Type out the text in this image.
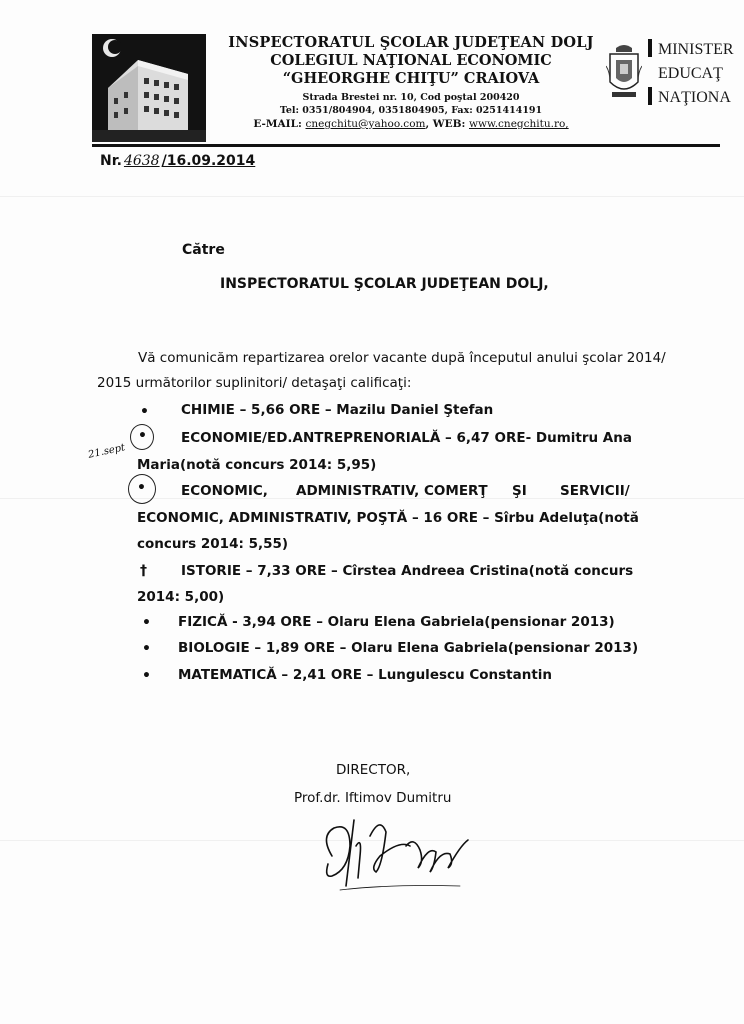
INSPECTORATUL ŞCOLAR JUDEŢEAN DOLJ
COLEGIUL NAŢIONAL ECONOMIC
“GHEORGHE CHIŢU” CRAIOVA
Strada Brestei nr. 10, Cod poştal 200420
Tel: 0351/804904, 0351804905, Fax: 0251414191
E-MAIL: cnegchitu@yahoo.com, WEB: www.cnegchitu.ro,
MINISTER
EDUCAŢ
NAŢIONA
Nr. 4638 /16.09.2014
Către
INSPECTORATUL ŞCOLAR JUDEŢEAN DOLJ,
Vă comunicăm repartizarea orelor vacante după începutul anului şcolar 2014/
2015 următorilor suplinitori/ detaşaţi calificaţi:
• CHIMIE – 5,66 ORE – Mazilu Daniel Ştefan
•	ECONOMIE/ED.ANTREPRENORIALĂ – 6,47 ORE- Dumitru Ana
21.sept
Maria(notă concurs 2014: 5,95)
•	ECONOMIC, ADMINISTRATIV, COMERŢ ŞI SERVICII/
ECONOMIC, ADMINISTRATIV, POŞTĂ – 16 ORE – Sîrbu Adeluţa(notă
concurs 2014: 5,55)
†	ISTORIE – 7,33 ORE – Cîrstea Andreea Cristina(notă concurs
2014: 5,00)
• FIZICĂ - 3,94 ORE – Olaru Elena Gabriela(pensionar 2013)
• BIOLOGIE – 1,89 ORE – Olaru Elena Gabriela(pensionar 2013)
• MATEMATICĂ – 2,41 ORE – Lungulescu Constantin
DIRECTOR,
Prof.dr. Iftimov Dumitru
